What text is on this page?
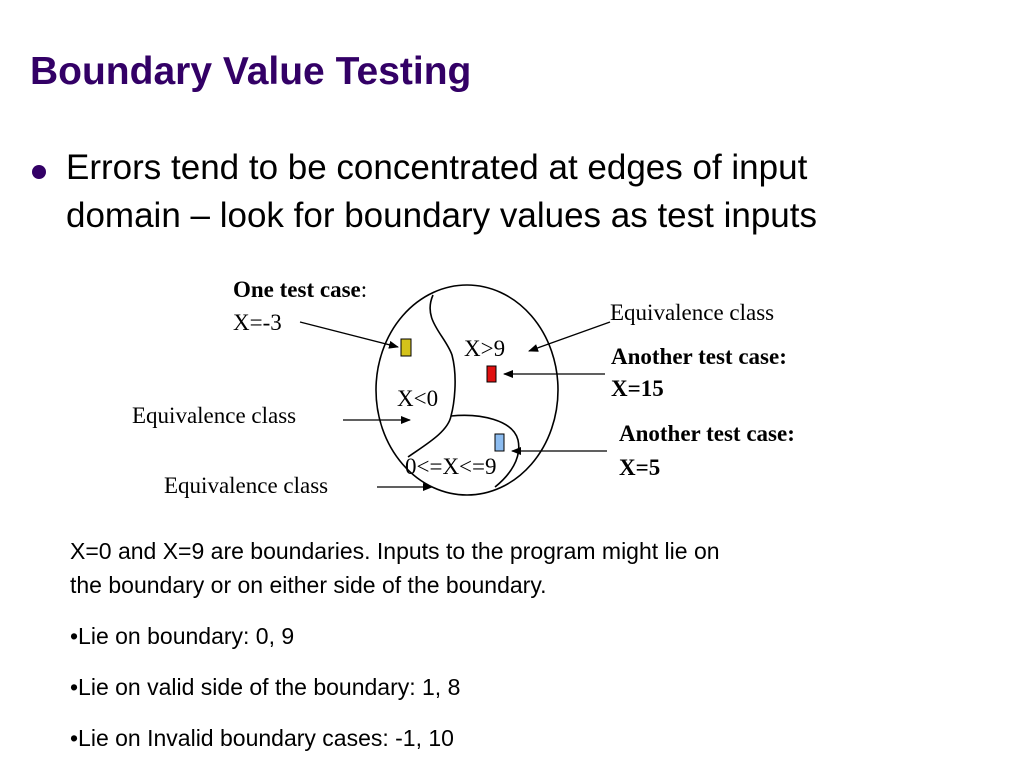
Boundary Value Testing
Errors tend to be concentrated at edges of input
domain – look for boundary values as test inputs
One test case:
X=-3	Equivalence class
Another test case:
X=15
Another test case:
X=5
Equivalence class
Equivalence class
X<0
X>9
0<=X<=9
X=0 and X=9 are boundaries. Inputs to the program might lie on
the boundary or on either side of the boundary.
•Lie on boundary: 0, 9
•Lie on valid side of the boundary: 1, 8
•Lie on Invalid boundary cases: -1, 10
